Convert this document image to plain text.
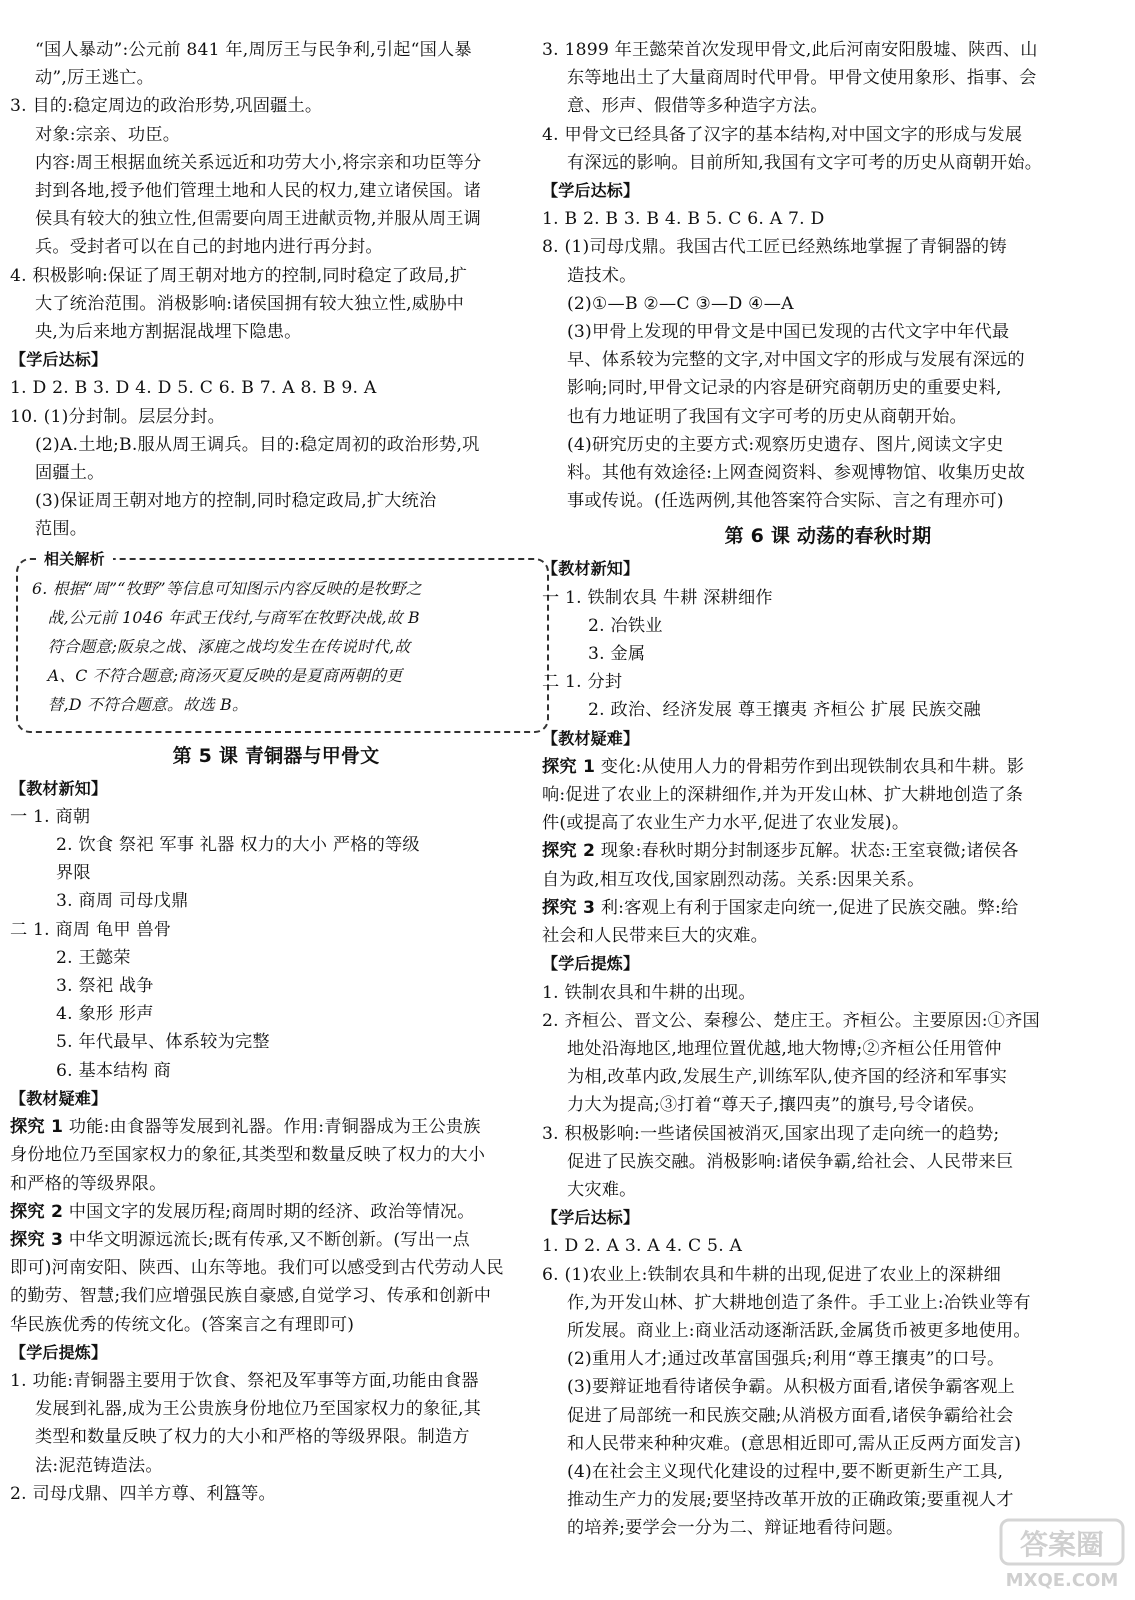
“国人暴动”:公元前 841 年,周厉王与民争利,引起“国人暴
动”,厉王逃亡。
3. 目的:稳定周边的政治形势,巩固疆土。
对象:宗亲、功臣。
内容:周王根据血统关系远近和功劳大小,将宗亲和功臣等分
封到各地,授予他们管理土地和人民的权力,建立诸侯国。诸
侯具有较大的独立性,但需要向周王进献贡物,并服从周王调
兵。受封者可以在自己的封地内进行再分封。
4. 积极影响:保证了周王朝对地方的控制,同时稳定了政局,扩
大了统治范围。消极影响:诸侯国拥有较大独立性,威胁中
央,为后来地方割据混战埋下隐患。
【学后达标】
1. D 2. B 3. D 4. D 5. C 6. B 7. A 8. B 9. A
10. (1)分封制。层层分封。
(2)A.土地;B.服从周王调兵。目的:稳定周初的政治形势,巩
固疆土。
(3)保证周王朝对地方的控制,同时稳定政局,扩大统治
范围。
相关解析
6. 根据“周”“牧野”等信息可知图示内容反映的是牧野之
战,公元前 1046 年武王伐纣,与商军在牧野决战,故 B
符合题意;阪泉之战、涿鹿之战均发生在传说时代,故
A、C 不符合题意;商汤灭夏反映的是夏商两朝的更
替,D 不符合题意。故选 B。
第 5 课 青铜器与甲骨文
【教材新知】
一 1. 商朝
2. 饮食 祭祀 军事 礼器 权力的大小 严格的等级
界限
3. 商周 司母戊鼎
二 1. 商周 龟甲 兽骨
2. 王懿荣
3. 祭祀 战争
4. 象形 形声
5. 年代最早、体系较为完整
6. 基本结构 商
【教材疑难】
探究 1 功能:由食器等发展到礼器。作用:青铜器成为王公贵族
身份地位乃至国家权力的象征,其类型和数量反映了权力的大小
和严格的等级界限。
探究 2 中国文字的发展历程;商周时期的经济、政治等情况。
探究 3 中华文明源远流长;既有传承,又不断创新。(写出一点
即可)河南安阳、陕西、山东等地。我们可以感受到古代劳动人民
的勤劳、智慧;我们应增强民族自豪感,自觉学习、传承和创新中
华民族优秀的传统文化。(答案言之有理即可)
【学后提炼】
1. 功能:青铜器主要用于饮食、祭祀及军事等方面,功能由食器
发展到礼器,成为王公贵族身份地位乃至国家权力的象征,其
类型和数量反映了权力的大小和严格的等级界限。制造方
法:泥范铸造法。
2. 司母戊鼎、四羊方尊、利簋等。
3. 1899 年王懿荣首次发现甲骨文,此后河南安阳殷墟、陕西、山
东等地出土了大量商周时代甲骨。甲骨文使用象形、指事、会
意、形声、假借等多种造字方法。
4. 甲骨文已经具备了汉字的基本结构,对中国文字的形成与发展
有深远的影响。目前所知,我国有文字可考的历史从商朝开始。
【学后达标】
1. B 2. B 3. B 4. B 5. C 6. A 7. D
8. (1)司母戊鼎。我国古代工匠已经熟练地掌握了青铜器的铸
造技术。
(2)①—B ②—C ③—D ④—A
(3)甲骨上发现的甲骨文是中国已发现的古代文字中年代最
早、体系较为完整的文字,对中国文字的形成与发展有深远的
影响;同时,甲骨文记录的内容是研究商朝历史的重要史料,
也有力地证明了我国有文字可考的历史从商朝开始。
(4)研究历史的主要方式:观察历史遗存、图片,阅读文字史
料。其他有效途径:上网查阅资料、参观博物馆、收集历史故
事或传说。(任选两例,其他答案符合实际、言之有理亦可)
第 6 课 动荡的春秋时期
【教材新知】
一 1. 铁制农具 牛耕 深耕细作
2. 冶铁业
3. 金属
二 1. 分封
2. 政治、经济发展 尊王攘夷 齐桓公 扩展 民族交融
【教材疑难】
探究 1 变化:从使用人力的骨耜劳作到出现铁制农具和牛耕。影
响:促进了农业上的深耕细作,并为开发山林、扩大耕地创造了条
件(或提高了农业生产力水平,促进了农业发展)。
探究 2 现象:春秋时期分封制逐步瓦解。状态:王室衰微;诸侯各
自为政,相互攻伐,国家剧烈动荡。关系:因果关系。
探究 3 利:客观上有利于国家走向统一,促进了民族交融。弊:给
社会和人民带来巨大的灾难。
【学后提炼】
1. 铁制农具和牛耕的出现。
2. 齐桓公、晋文公、秦穆公、楚庄王。齐桓公。主要原因:①齐国
地处沿海地区,地理位置优越,地大物博;②齐桓公任用管仲
为相,改革内政,发展生产,训练军队,使齐国的经济和军事实
力大为提高;③打着“尊天子,攘四夷”的旗号,号令诸侯。
3. 积极影响:一些诸侯国被消灭,国家出现了走向统一的趋势;
促进了民族交融。消极影响:诸侯争霸,给社会、人民带来巨
大灾难。
【学后达标】
1. D 2. A 3. A 4. C 5. A
6. (1)农业上:铁制农具和牛耕的出现,促进了农业上的深耕细
作,为开发山林、扩大耕地创造了条件。手工业上:冶铁业等有
所发展。商业上:商业活动逐渐活跃,金属货币被更多地使用。
(2)重用人才;通过改革富国强兵;利用“尊王攘夷”的口号。
(3)要辩证地看待诸侯争霸。从积极方面看,诸侯争霸客观上
促进了局部统一和民族交融;从消极方面看,诸侯争霸给社会
和人民带来种种灾难。(意思相近即可,需从正反两方面发言)
(4)在社会主义现代化建设的过程中,要不断更新生产工具,
推动生产力的发展;要坚持改革开放的正确政策;要重视人才
的培养;要学会一分为二、辩证地看待问题。	答案圈
MXQE.COM
